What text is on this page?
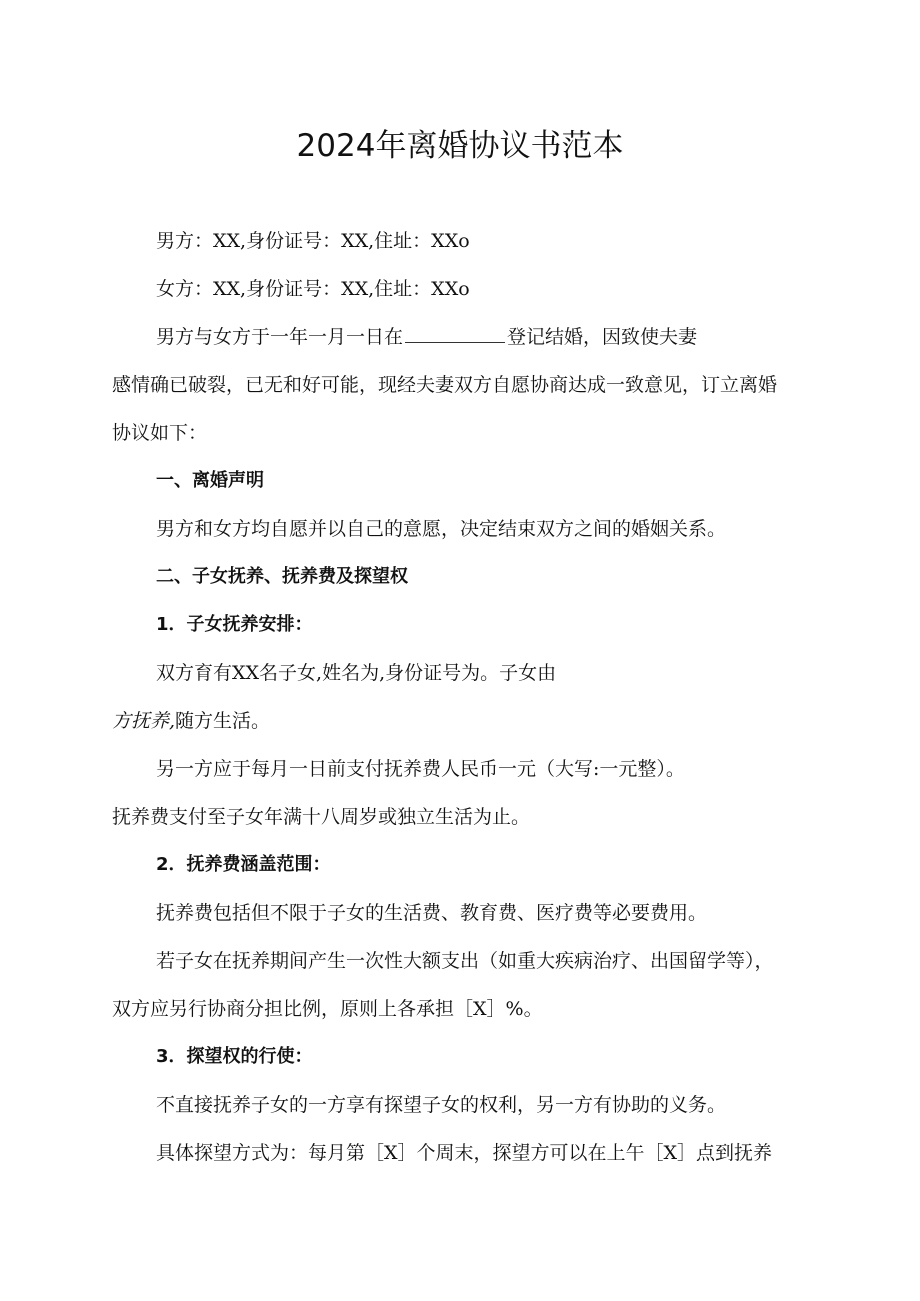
2024年离婚协议书范本
男方：XX,身份证号：XX,住址：XXo
女方：XX,身份证号：XX,住址：XXo
男方与女方于一年一月一日在	登记结婚，因致使夫妻
感情确已破裂，已无和好可能，现经夫妻双方自愿协商达成一致意见，订立离婚
协议如下：
一、离婚声明
男方和女方均自愿并以自己的意愿，决定结束双方之间的婚姻关系。
二、子女抚养、抚养费及探望权
1．子女抚养安排：
双方育有XX名子女,姓名为,身份证号为。子女由
方抚养,随方生活。
另一方应于每月一日前支付抚养费人民币一元（大写:一元整）。
抚养费支付至子女年满十八周岁或独立生活为止。
2．抚养费涵盖范围：
抚养费包括但不限于子女的生活费、教育费、医疗费等必要费用。
若子女在抚养期间产生一次性大额支出（如重大疾病治疗、出国留学等），
双方应另行协商分担比例，原则上各承担［X］%。
3．探望权的行使：
不直接抚养子女的一方享有探望子女的权利，另一方有协助的义务。
具体探望方式为：每月第［X］个周末，探望方可以在上午［X］点到抚养
